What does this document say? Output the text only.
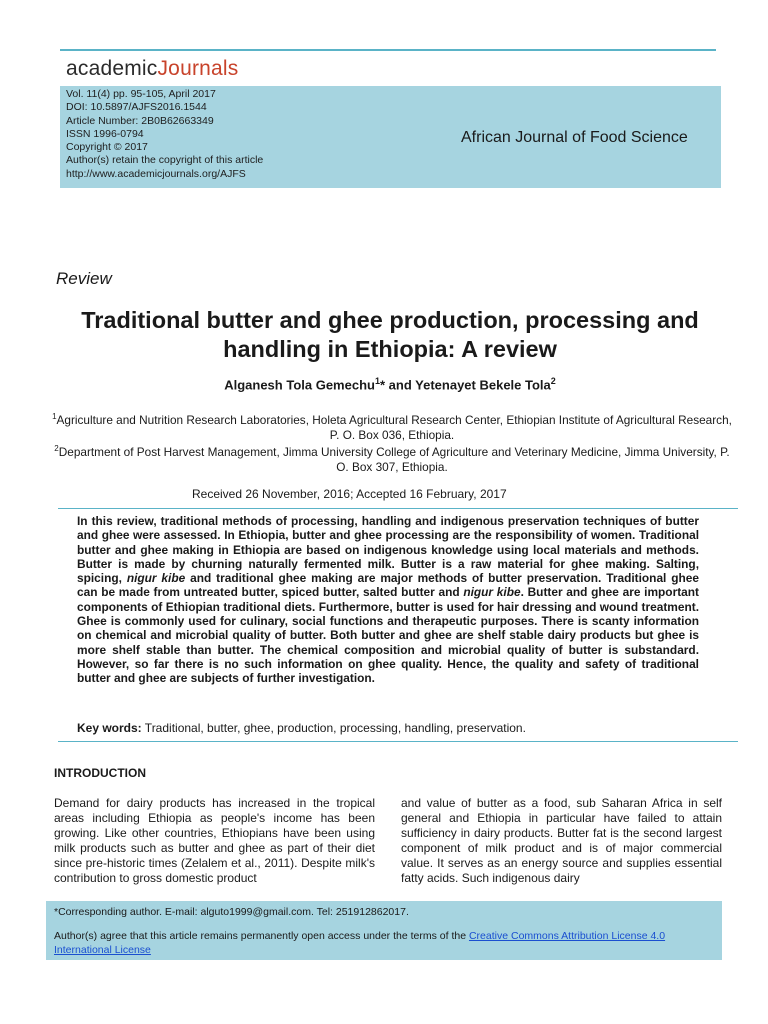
academicJournals
Vol. 11(4) pp. 95-105, April 2017
DOI: 10.5897/AJFS2016.1544
Article Number: 2B0B62663349
ISSN 1996-0794
Copyright © 2017
Author(s) retain the copyright of this article
http://www.academicjournals.org/AJFS
African Journal of Food Science
Review
Traditional butter and ghee production, processing and handling in Ethiopia: A review
Alganesh Tola Gemechu$^1$* and Yetenayet Bekele Tola$^2$
$^1$Agriculture and Nutrition Research Laboratories, Holeta Agricultural Research Center, Ethiopian Institute of Agricultural Research, P. O. Box 036, Ethiopia.
$^2$Department of Post Harvest Management, Jimma University College of Agriculture and Veterinary Medicine, Jimma University, P. O. Box 307, Ethiopia.
Received 26 November, 2016; Accepted 16 February, 2017
In this review, traditional methods of processing, handling and indigenous preservation techniques of butter and ghee were assessed. In Ethiopia, butter and ghee processing are the responsibility of women. Traditional butter and ghee making in Ethiopia are based on indigenous knowledge using local materials and methods. Butter is made by churning naturally fermented milk. Butter is a raw material for ghee making. Salting, spicing, nigur kibe and traditional ghee making are major methods of butter preservation. Traditional ghee can be made from untreated butter, spiced butter, salted butter and nigur kibe. Butter and ghee are important components of Ethiopian traditional diets. Furthermore, butter is used for hair dressing and wound treatment. Ghee is commonly used for culinary, social functions and therapeutic purposes. There is scanty information on chemical and microbial quality of butter. Both butter and ghee are shelf stable dairy products but ghee is more shelf stable than butter. The chemical composition and microbial quality of butter is substandard. However, so far there is no such information on ghee quality. Hence, the quality and safety of traditional butter and ghee are subjects of further investigation.
Key words: Traditional, butter, ghee, production, processing, handling, preservation.
INTRODUCTION
Demand for dairy products has increased in the tropical areas including Ethiopia as people's income has been growing. Like other countries, Ethiopians have been using milk products such as butter and ghee as part of their diet since pre-historic times (Zelalem et al., 2011). Despite milk's contribution to gross domestic product
and value of butter as a food, sub Saharan Africa in self general and Ethiopia in particular have failed to attain sufficiency in dairy products. Butter fat is the second largest component of milk product and is of major commercial value. It serves as an energy source and supplies essential fatty acids. Such indigenous dairy
*Corresponding author. E-mail: alguto1999@gmail.com. Tel: 251912862017.
Author(s) agree that this article remains permanently open access under the terms of the Creative Commons Attribution License 4.0 International License
